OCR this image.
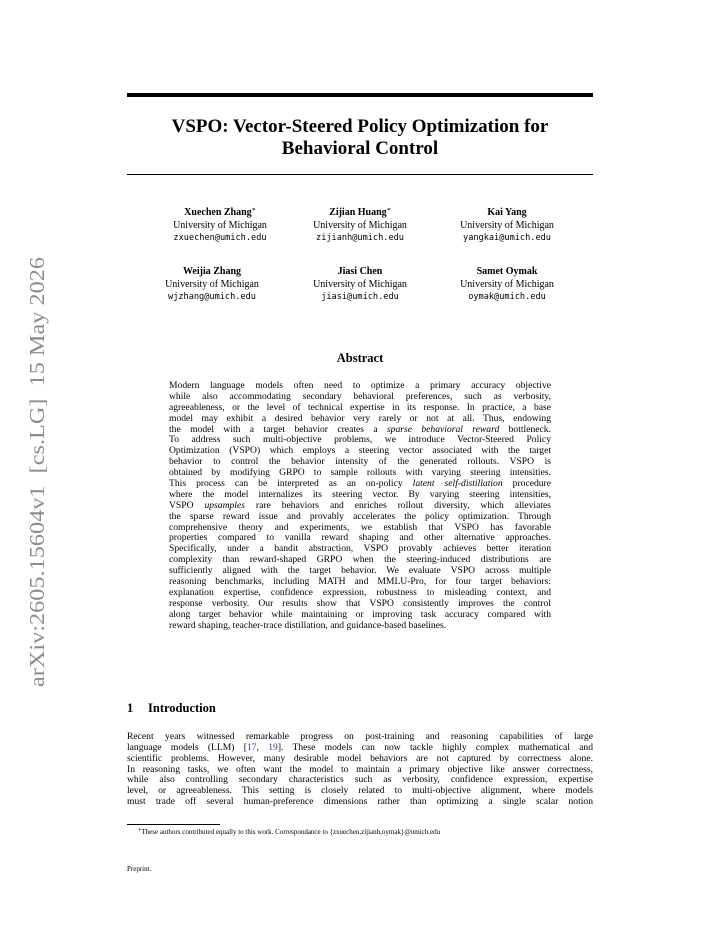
arXiv:2605.15604v1  [cs.LG]  15 May 2026
VSPO: Vector-Steered Policy Optimization for
Behavioral Control
Xuechen Zhang∗
University of Michigan
zxuechen@umich.edu
Zijian Huang∗
University of Michigan
zijianh@umich.edu
Kai Yang
University of Michigan
yangkai@umich.edu
Weijia Zhang
University of Michigan
wjzhang@umich.edu
Jiasi Chen
University of Michigan
jiasi@umich.edu
Samet Oymak
University of Michigan
oymak@umich.edu
Abstract
Modern language models often need to optimize a primary accuracy objective
while also accommodating secondary behavioral preferences, such as verbosity,
agreeableness, or the level of technical expertise in its response. In practice, a base
model may exhibit a desired behavior very rarely or not at all. Thus, endowing
the model with a target behavior creates a sparse behavioral reward bottleneck.
To address such multi-objective problems, we introduce Vector-Steered Policy
Optimization (VSPO) which employs a steering vector associated with the target
behavior to control the behavior intensity of the generated rollouts. VSPO is
obtained by modifying GRPO to sample rollouts with varying steering intensities.
This process can be interpreted as an on-policy latent self-distillation procedure
where the model internalizes its steering vector. By varying steering intensities,
VSPO upsamples rare behaviors and enriches rollout diversity, which alleviates
the sparse reward issue and provably accelerates the policy optimization. Through
comprehensive theory and experiments, we establish that VSPO has favorable
properties compared to vanilla reward shaping and other alternative approaches.
Specifically, under a bandit abstraction, VSPO provably achieves better iteration
complexity than reward-shaped GRPO when the steering-induced distributions are
sufficiently aligned with the target behavior. We evaluate VSPO across multiple
reasoning benchmarks, including MATH and MMLU-Pro, for four target behaviors:
explanation expertise, confidence expression, robustness to misleading context, and
response verbosity. Our results show that VSPO consistently improves the control
along target behavior while maintaining or improving task accuracy compared with
reward shaping, teacher-trace distillation, and guidance-based baselines.
1 Introduction
Recent years witnessed remarkable progress on post-training and reasoning capabilities of large
language models (LLM) [17, 19]. These models can now tackle highly complex mathematical and
scientific problems. However, many desirable model behaviors are not captured by correctness alone.
In reasoning tasks, we often want the model to maintain a primary objective like answer correctness,
while also controlling secondary characteristics such as verbosity, confidence expression, expertise
level, or agreeableness. This setting is closely related to multi-objective alignment, where models
must trade off several human-preference dimensions rather than optimizing a single scalar notion
∗These authors contributed equally to this work. Correspondance to {zxuechen,zijianh,oymak}@umich.edu
Preprint.
